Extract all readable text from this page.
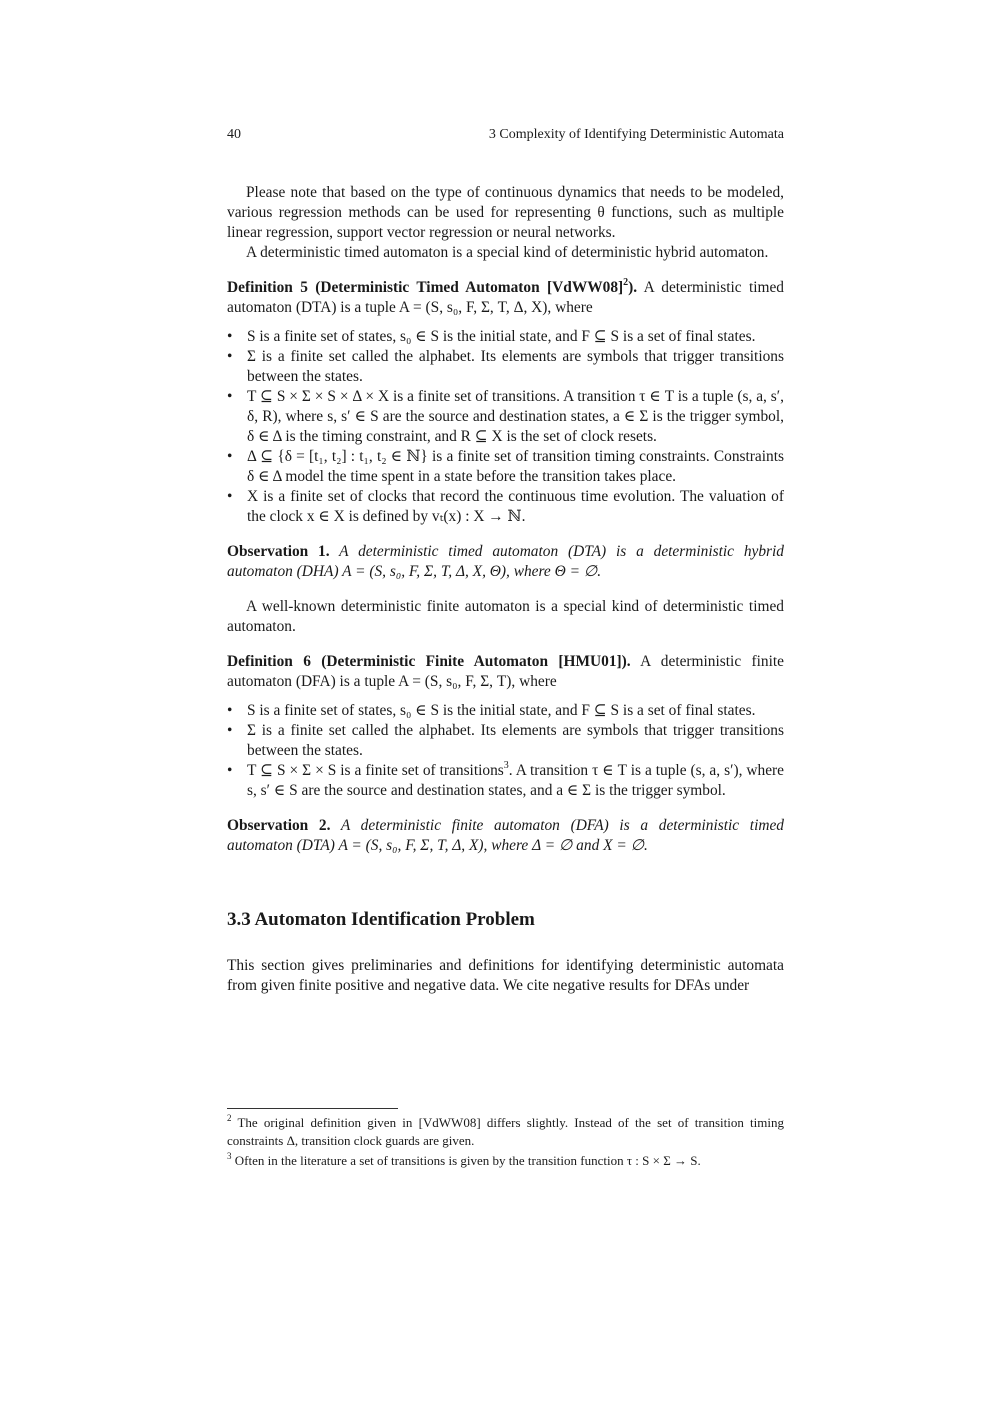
40	3 Complexity of Identifying Deterministic Automata

Please note that based on the type of continuous dynamics that needs to be modeled, various regression methods can be used for representing θ functions, such as multiple linear regression, support vector regression or neural networks.

A deterministic timed automaton is a special kind of deterministic hybrid automaton.

Definition 5 (Deterministic Timed Automaton [VdWW08]$^2$). A deterministic timed automaton (DTA) is a tuple A = (S, s₀, F, Σ, T, Δ, X), where

• S is a finite set of states, s₀ ∈ S is the initial state, and F ⊆ S is a set of final states.
• Σ is a finite set called the alphabet. Its elements are symbols that trigger transitions between the states.
• T ⊆ S × Σ × S × Δ × X is a finite set of transitions. A transition τ ∈ T is a tuple (s, a, s′, δ, R), where s, s′ ∈ S are the source and destination states, a ∈ Σ is the trigger symbol, δ ∈ Δ is the timing constraint, and R ⊆ X is the set of clock resets.
• Δ ⊆ {δ = [t₁, t₂] : t₁, t₂ ∈ ℕ} is a finite set of transition timing constraints. Constraints δ ∈ Δ model the time spent in a state before the transition takes place.
• X is a finite set of clocks that record the continuous time evolution. The valuation of the clock x ∈ X is defined by vₜ(x) : X → ℕ.

Observation 1. A deterministic timed automaton (DTA) is a deterministic hybrid automaton (DHA) A = (S, s₀, F, Σ, T, Δ, X, Θ), where Θ = ∅.

A well-known deterministic finite automaton is a special kind of deterministic timed automaton.

Definition 6 (Deterministic Finite Automaton [HMU01]). A deterministic finite automaton (DFA) is a tuple A = (S, s₀, F, Σ, T), where

• S is a finite set of states, s₀ ∈ S is the initial state, and F ⊆ S is a set of final states.
• Σ is a finite set called the alphabet. Its elements are symbols that trigger transitions between the states.
• T ⊆ S × Σ × S is a finite set of transitions$^3$. A transition τ ∈ T is a tuple (s, a, s′), where s, s′ ∈ S are the source and destination states, and a ∈ Σ is the trigger symbol.

Observation 2. A deterministic finite automaton (DFA) is a deterministic timed automaton (DTA) A = (S, s₀, F, Σ, T, Δ, X), where Δ = ∅ and X = ∅.

3.3 Automaton Identification Problem

This section gives preliminaries and definitions for identifying deterministic automata from given finite positive and negative data. We cite negative results for DFAs under

$^2$ The original definition given in [VdWW08] differs slightly. Instead of the set of transition timing constraints Δ, transition clock guards are given.

$^3$ Often in the literature a set of transitions is given by the transition function τ : S × Σ → S.
